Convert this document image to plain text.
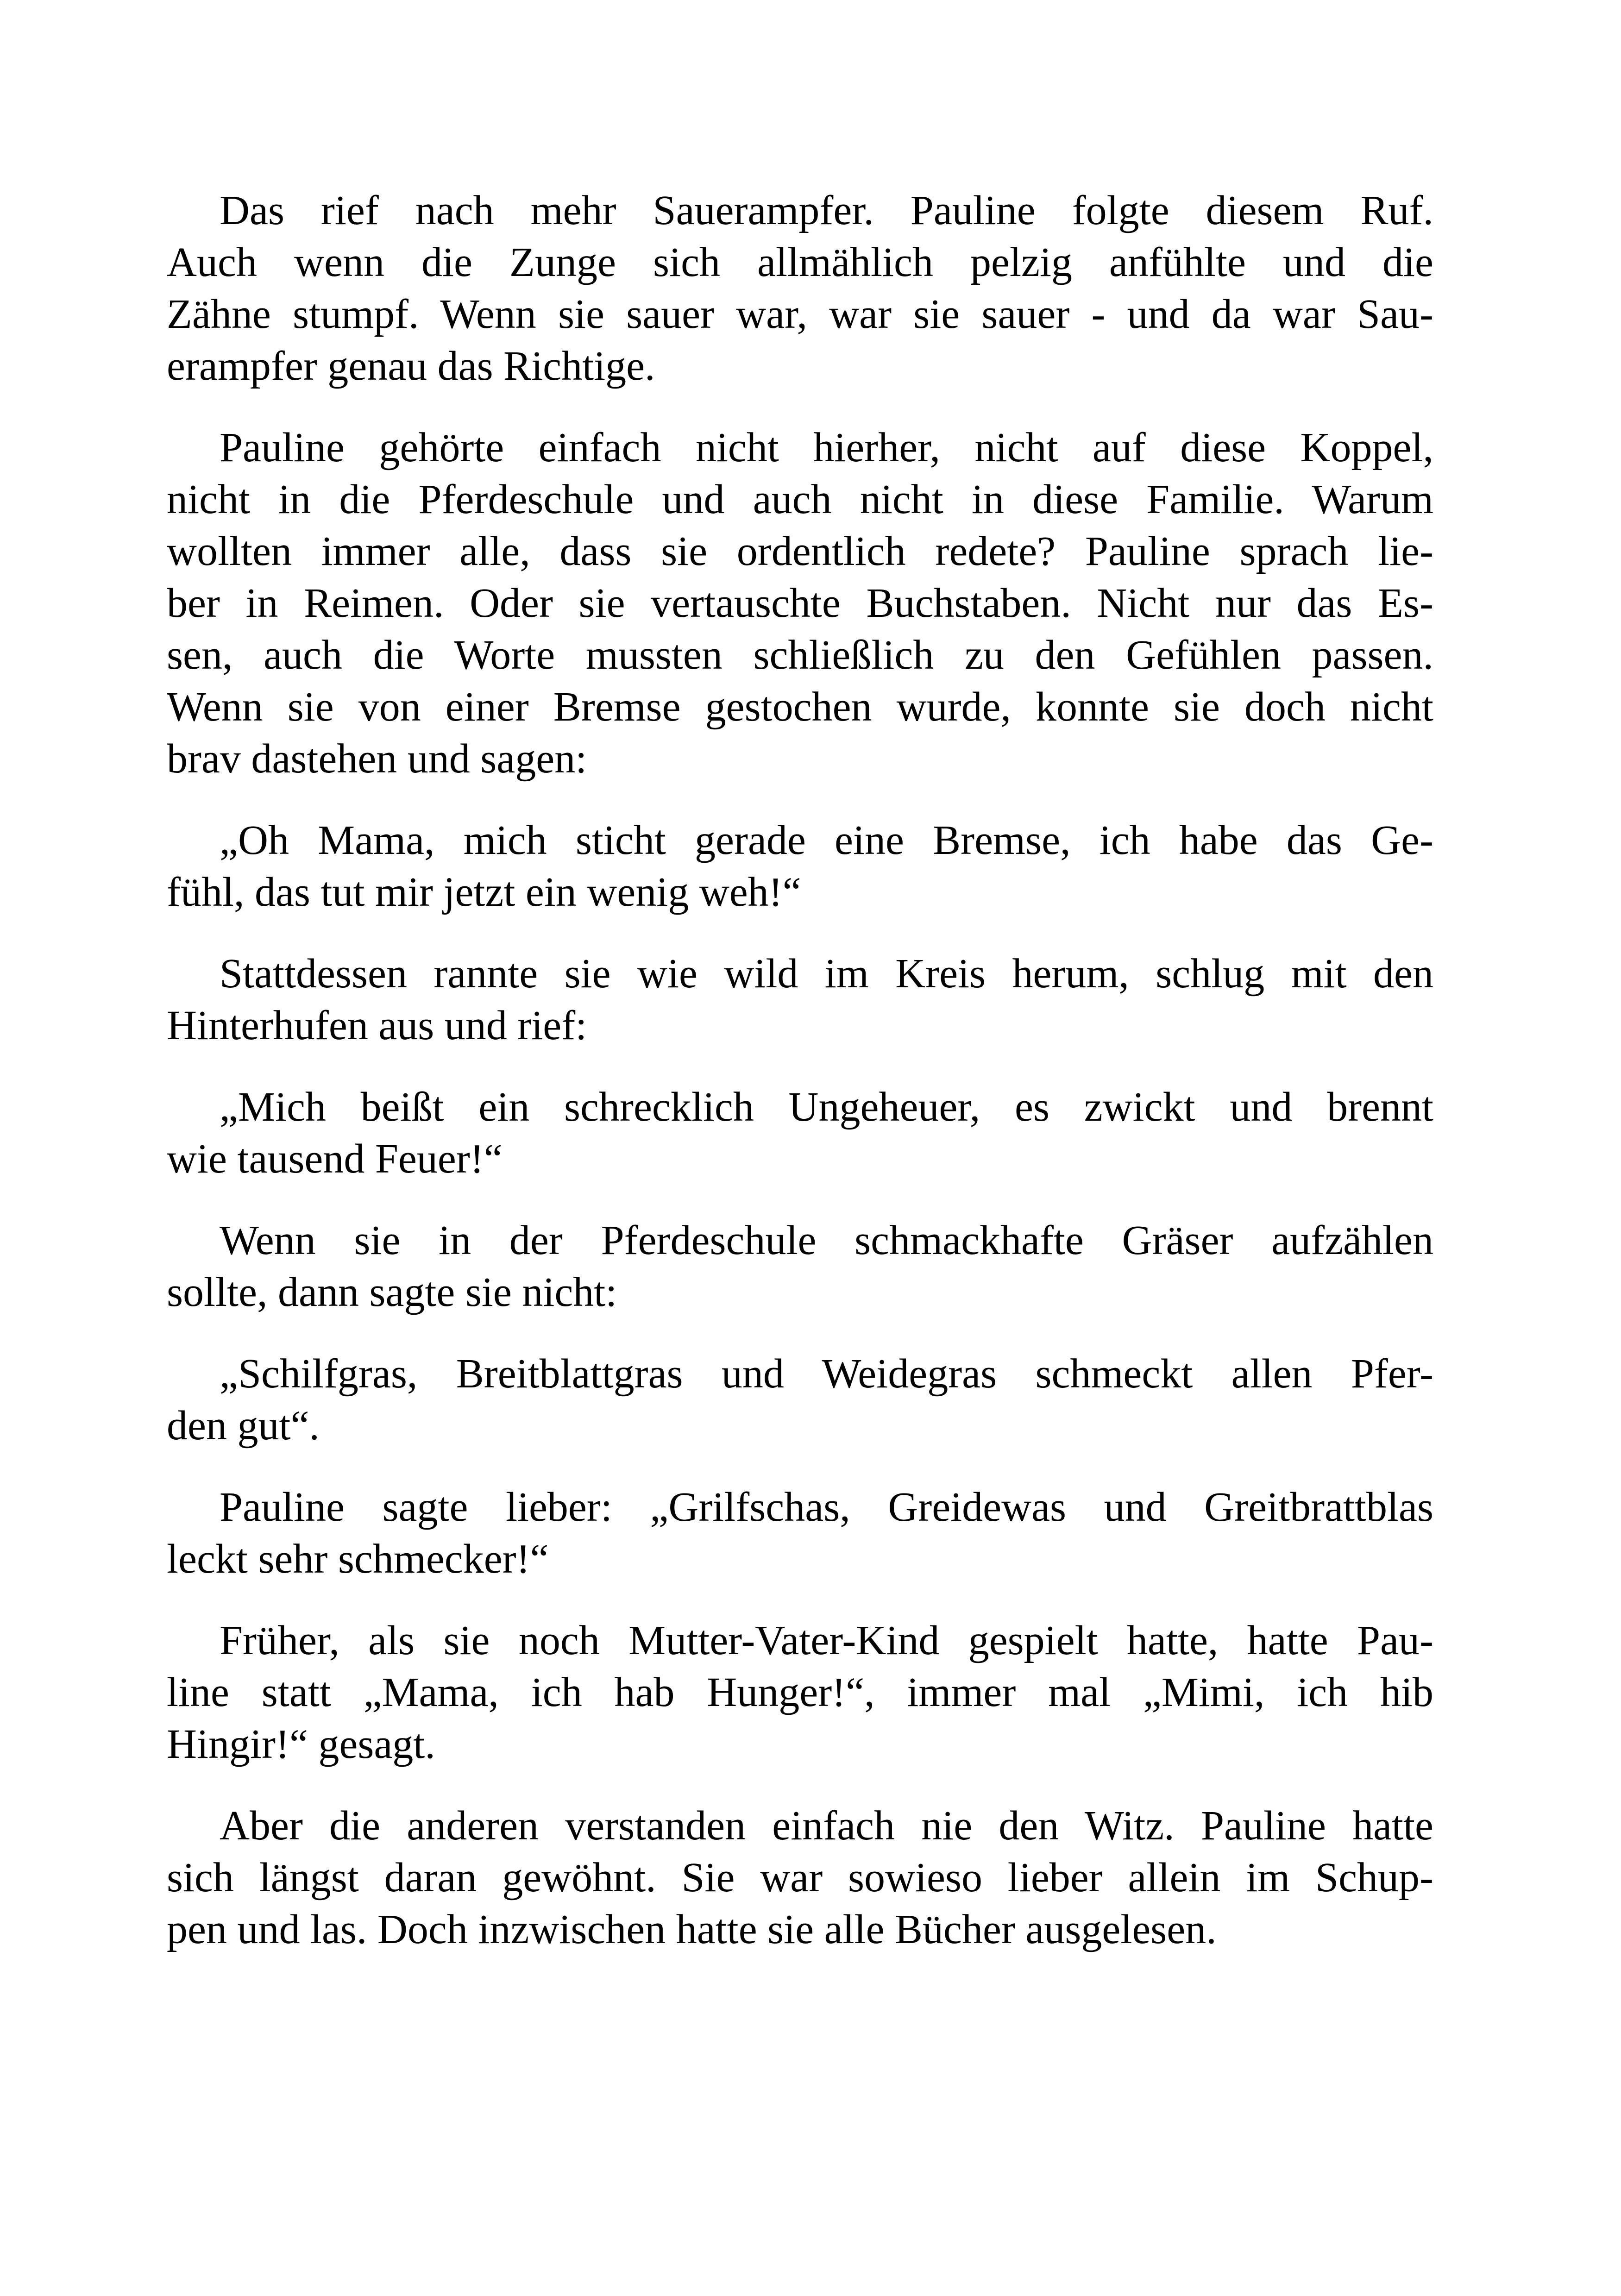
Das rief nach mehr Sauerampfer. Pauline folgte diesem Ruf.
Auch wenn die Zunge sich allmählich pelzig anfühlte und die
Zähne stumpf. Wenn sie sauer war, war sie sauer - und da war Sau-
erampfer genau das Richtige.

Pauline gehörte einfach nicht hierher, nicht auf diese Koppel,
nicht in die Pferdeschule und auch nicht in diese Familie. Warum
wollten immer alle, dass sie ordentlich redete? Pauline sprach lie-
ber in Reimen. Oder sie vertauschte Buchstaben. Nicht nur das Es-
sen, auch die Worte mussten schließlich zu den Gefühlen passen.
Wenn sie von einer Bremse gestochen wurde, konnte sie doch nicht
brav dastehen und sagen:

„Oh Mama, mich sticht gerade eine Bremse, ich habe das Ge-
fühl, das tut mir jetzt ein wenig weh!“

Stattdessen rannte sie wie wild im Kreis herum, schlug mit den
Hinterhufen aus und rief:

„Mich beißt ein schrecklich Ungeheuer, es zwickt und brennt
wie tausend Feuer!“

Wenn sie in der Pferdeschule schmackhafte Gräser aufzählen
sollte, dann sagte sie nicht:

„Schilfgras, Breitblattgras und Weidegras schmeckt allen Pfer-
den gut“.

Pauline sagte lieber: „Grilfschas, Greidewas und Greitbrattblas
leckt sehr schmecker!“

Früher, als sie noch Mutter-Vater-Kind gespielt hatte, hatte Pau-
line statt „Mama, ich hab Hunger!“, immer mal „Mimi, ich hib
Hingir!“ gesagt.

Aber die anderen verstanden einfach nie den Witz. Pauline hatte
sich längst daran gewöhnt. Sie war sowieso lieber allein im Schup-
pen und las. Doch inzwischen hatte sie alle Bücher ausgelesen.
